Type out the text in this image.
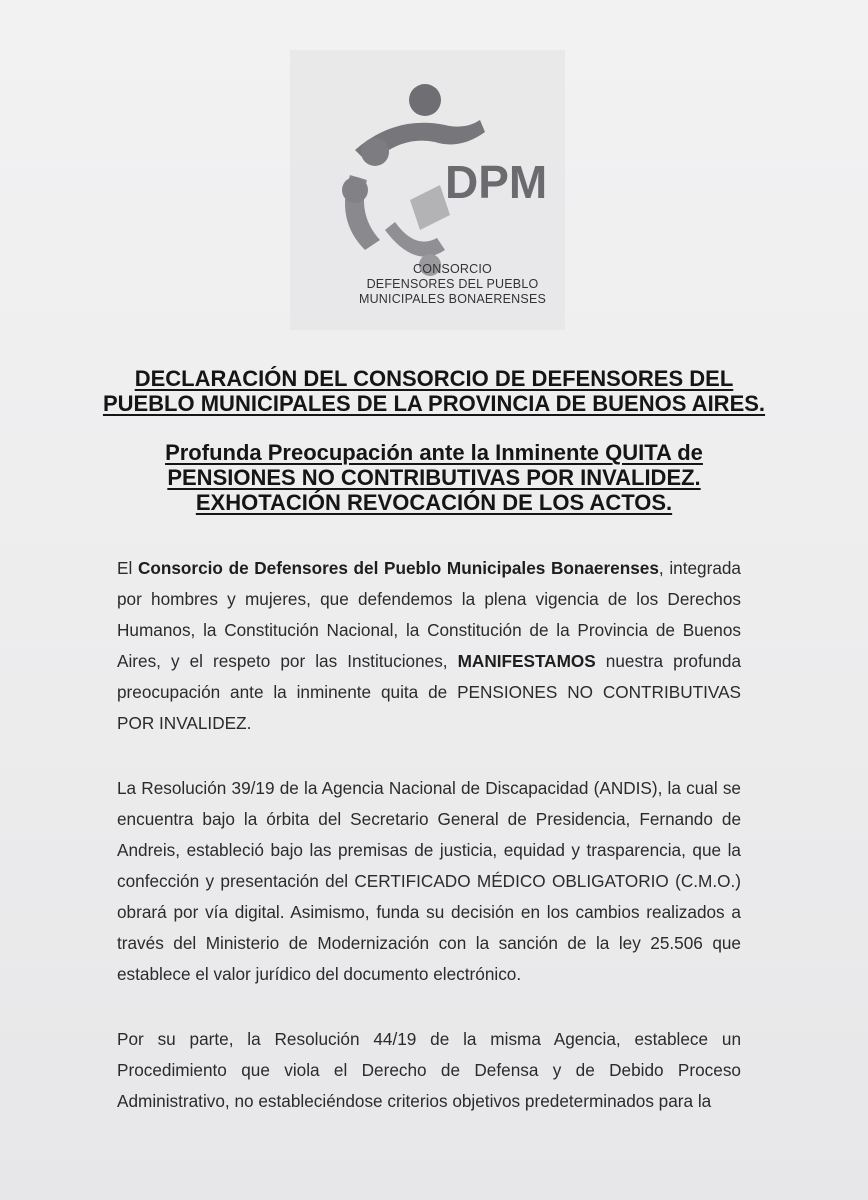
DPM
CONSORCIO
DEFENSORES DEL PUEBLO
MUNICIPALES BONAERENSES
DECLARACIÓN DEL CONSORCIO DE DEFENSORES DEL
PUEBLO MUNICIPALES DE LA PROVINCIA DE BUENOS AIRES.
Profunda Preocupación ante la Inminente QUITA de
PENSIONES NO CONTRIBUTIVAS POR INVALIDEZ.
EXHOTACIÓN REVOCACIÓN DE LOS ACTOS.
El Consorcio de Defensores del Pueblo Municipales Bonaerenses, integrada por hombres y mujeres, que defendemos la plena vigencia de los Derechos Humanos, la Constitución Nacional, la Constitución de la Provincia de Buenos Aires, y el respeto por las Instituciones, MANIFESTAMOS nuestra profunda preocupación ante la inminente quita de PENSIONES NO CONTRIBUTIVAS POR INVALIDEZ.
La Resolución 39/19 de la Agencia Nacional de Discapacidad (ANDIS), la cual se encuentra bajo la órbita del Secretario General de Presidencia, Fernando de Andreis, estableció bajo las premisas de justicia, equidad y trasparencia, que la confección y presentación del CERTIFICADO MÉDICO OBLIGATORIO (C.M.O.) obrará por vía digital. Asimismo, funda su decisión en los cambios realizados a través del Ministerio de Modernización con la sanción de la ley 25.506 que establece el valor jurídico del documento electrónico.
Por su parte, la Resolución 44/19 de la misma Agencia, establece un Procedimiento que viola el Derecho de Defensa y de Debido Proceso Administrativo, no estableciéndose criterios objetivos predeterminados para la
